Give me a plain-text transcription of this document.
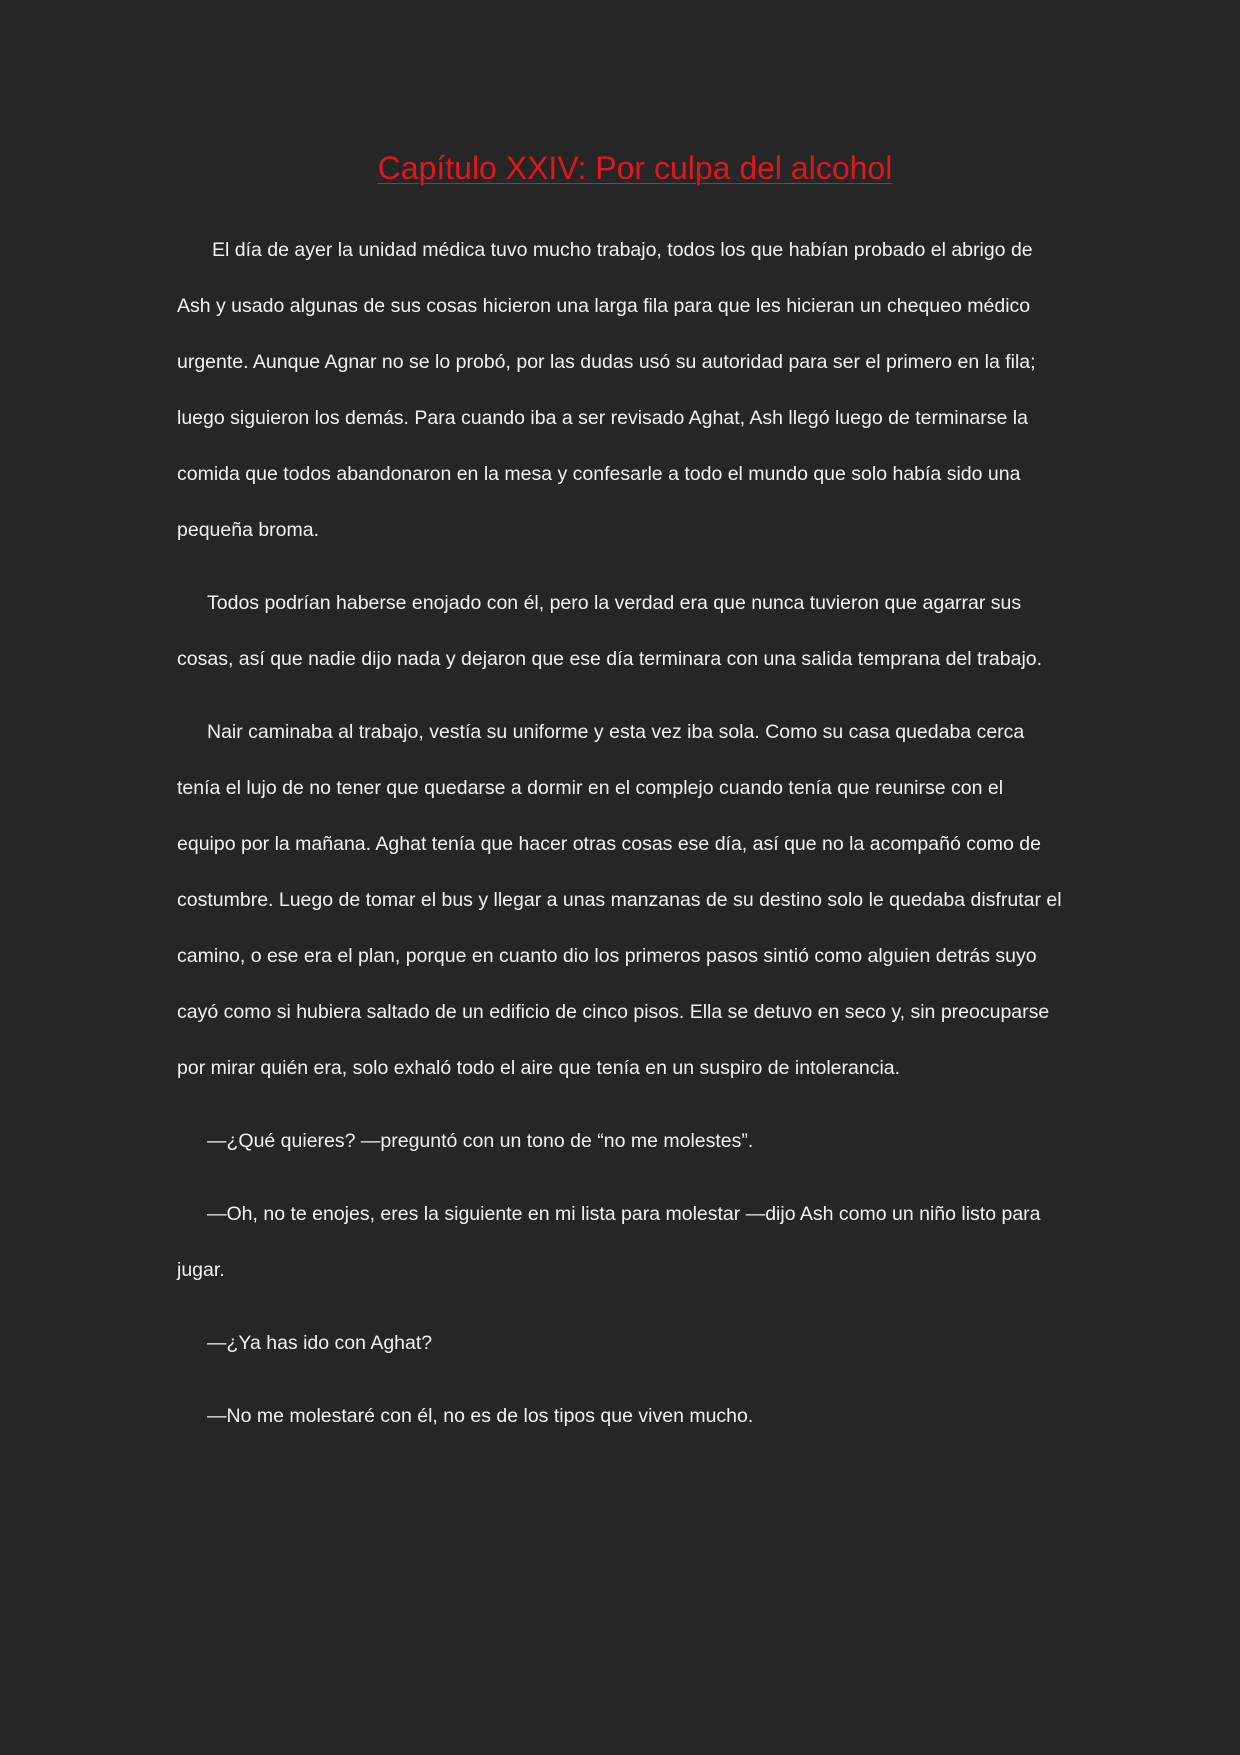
Capítulo XXIV: Por culpa del alcohol

El día de ayer la unidad médica tuvo mucho trabajo, todos los que habían probado el abrigo de Ash y usado algunas de sus cosas hicieron una larga fila para que les hicieran un chequeo médico urgente. Aunque Agnar no se lo probó, por las dudas usó su autoridad para ser el primero en la fila; luego siguieron los demás. Para cuando iba a ser revisado Aghat, Ash llegó luego de terminarse la comida que todos abandonaron en la mesa y confesarle a todo el mundo que solo había sido una pequeña broma.

Todos podrían haberse enojado con él, pero la verdad era que nunca tuvieron que agarrar sus cosas, así que nadie dijo nada y dejaron que ese día terminara con una salida temprana del trabajo.

Nair caminaba al trabajo, vestía su uniforme y esta vez iba sola. Como su casa quedaba cerca tenía el lujo de no tener que quedarse a dormir en el complejo cuando tenía que reunirse con el equipo por la mañana. Aghat tenía que hacer otras cosas ese día, así que no la acompañó como de costumbre. Luego de tomar el bus y llegar a unas manzanas de su destino solo le quedaba disfrutar el camino, o ese era el plan, porque en cuanto dio los primeros pasos sintió como alguien detrás suyo cayó como si hubiera saltado de un edificio de cinco pisos. Ella se detuvo en seco y, sin preocuparse por mirar quién era, solo exhaló todo el aire que tenía en un suspiro de intolerancia.

—¿Qué quieres? —preguntó con un tono de “no me molestes”.

—Oh, no te enojes, eres la siguiente en mi lista para molestar —dijo Ash como un niño listo para jugar.

—¿Ya has ido con Aghat?

—No me molestaré con él, no es de los tipos que viven mucho.
